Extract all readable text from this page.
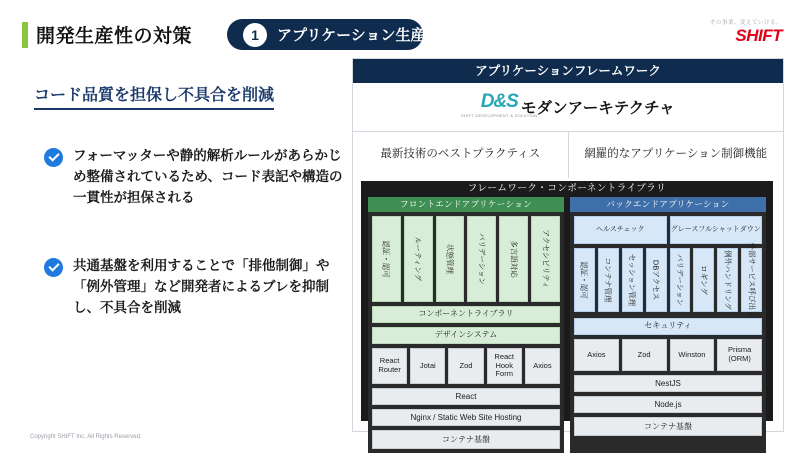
開発生産性の対策	1	アプリケーション生産性
その事業、変えていける。
SHIFT
コード品質を担保し不具合を削減
フォーマッターや静的解析ルールがあらかじめ整備されているため、コード表記や構造の一貫性が担保される
共通基盤を利用することで「排他制御」や「例外管理」など開発者によるブレを抑制し、不具合を削減
Copyright SHIFT Inc, All Rights Reserved.
アプリケーションフレームワーク
D&S
SHIFT DEVELOPMENT & SOLUTION
モダンアーキテクチャ
最新技術のベストプラクティス	網羅的なアプリケーション制御機能
フレームワーク・コンポーネントライブラリ
フロントエンドアプリケーション
認証・認可	ルーティング	状態管理	バリデーション	多言語対応	アクセシビリティ
コンポーネントライブラリ
デザインシステム
React Router	Jotai	Zod
React Hook Form
Axios
React
Nginx / Static Web Site Hosting
コンテナ基盤
バックエンドアプリケーション
ヘルスチェック	グレースフルシャットダウン
認証・認可 コンテナ管理 セッション管理 DBアクセス バリデーション ロギング 例外ハンドリング 外部サービス呼び出し
セキュリティ
Axios	Zod	Winston	Prisma (ORM)
NestJS
Node.js
コンテナ基盤
